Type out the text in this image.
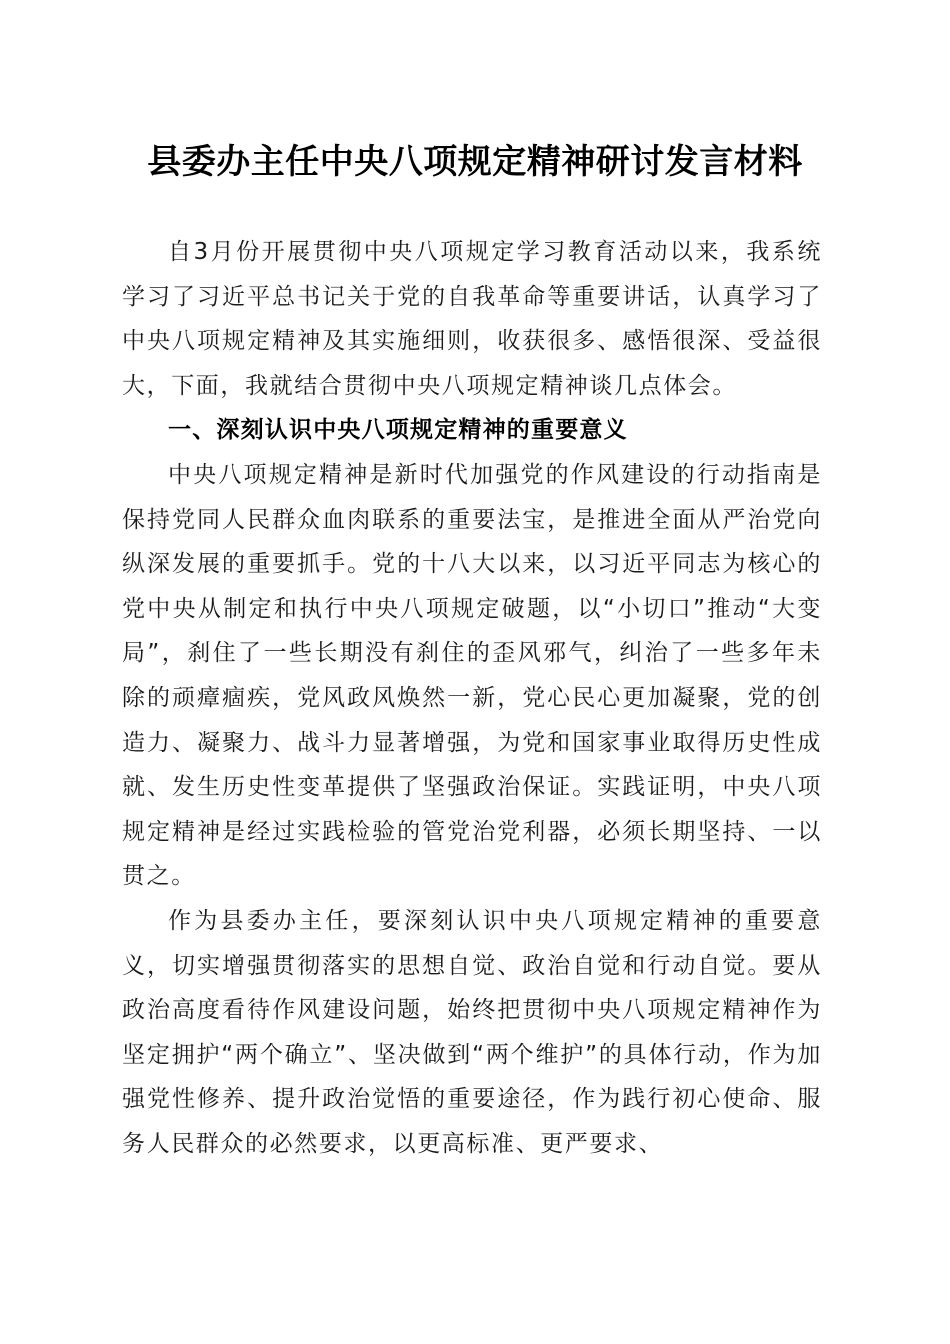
县委办主任中央八项规定精神研讨发言材料

自3月份开展贯彻中央八项规定学习教育活动以来，我系统学习了习近平总书记关于党的自我革命等重要讲话，认真学习了中央八项规定精神及其实施细则，收获很多、感悟很深、受益很大，下面，我就结合贯彻中央八项规定精神谈几点体会。

一、深刻认识中央八项规定精神的重要意义

中央八项规定精神是新时代加强党的作风建设的行动指南是保持党同人民群众血肉联系的重要法宝，是推进全面从严治党向纵深发展的重要抓手。党的十八大以来，以习近平同志为核心的党中央从制定和执行中央八项规定破题，以“小切口”推动“大变局”，刹住了一些长期没有刹住的歪风邪气，纠治了一些多年未除的顽瘴痼疾，党风政风焕然一新，党心民心更加凝聚，党的创造力、凝聚力、战斗力显著增强，为党和国家事业取得历史性成就、发生历史性变革提供了坚强政治保证。实践证明，中央八项规定精神是经过实践检验的管党治党利器，必须长期坚持、一以贯之。

作为县委办主任，要深刻认识中央八项规定精神的重要意义，切实增强贯彻落实的思想自觉、政治自觉和行动自觉。要从政治高度看待作风建设问题，始终把贯彻中央八项规定精神作为坚定拥护“两个确立”、坚决做到“两个维护”的具体行动，作为加强党性修养、提升政治觉悟的重要途径，作为践行初心使命、服务人民群众的必然要求，以更高标准、更严要求、
